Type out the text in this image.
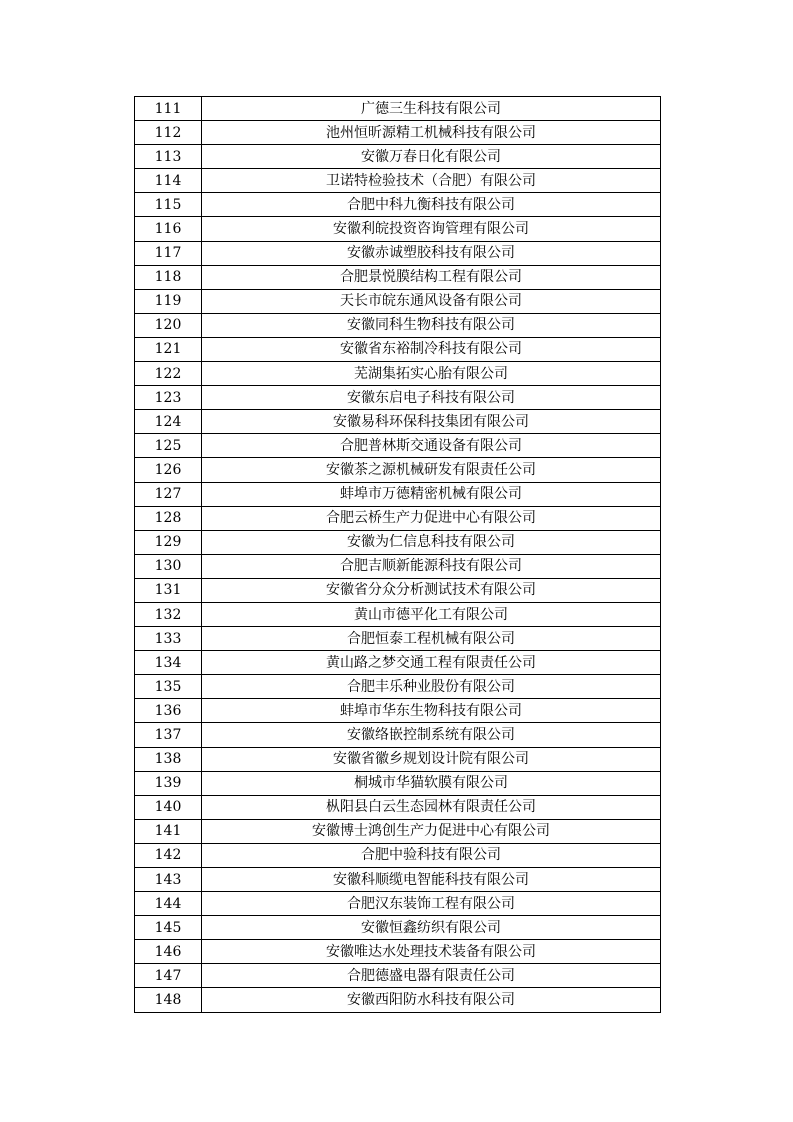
111	广德三生科技有限公司
112	池州恒昕源精工机械科技有限公司
113	安徽万春日化有限公司
114	卫诺特检验技术（合肥）有限公司
115	合肥中科九衡科技有限公司
116	安徽利皖投资咨询管理有限公司
117	安徽赤诚塑胶科技有限公司
118	合肥景悦膜结构工程有限公司
119	天长市皖东通风设备有限公司
120	安徽同科生物科技有限公司
121	安徽省东裕制冷科技有限公司
122	芜湖集拓实心胎有限公司
123	安徽东启电子科技有限公司
124	安徽易科环保科技集团有限公司
125	合肥普林斯交通设备有限公司
126	安徽茶之源机械研发有限责任公司
127	蚌埠市万德精密机械有限公司
128	合肥云桥生产力促进中心有限公司
129	安徽为仁信息科技有限公司
130	合肥吉顺新能源科技有限公司
131	安徽省分众分析测试技术有限公司
132	黄山市德平化工有限公司
133	合肥恒泰工程机械有限公司
134	黄山路之梦交通工程有限责任公司
135	合肥丰乐种业股份有限公司
136	蚌埠市华东生物科技有限公司
137	安徽络嵌控制系统有限公司
138	安徽省徽乡规划设计院有限公司
139	桐城市华猫软膜有限公司
140	枞阳县白云生态园林有限责任公司
141	安徽博士鸿创生产力促进中心有限公司
142	合肥中验科技有限公司
143	安徽科顺缆电智能科技有限公司
144	合肥汉东装饰工程有限公司
145	安徽恒鑫纺织有限公司
146	安徽唯达水处理技术装备有限公司
147	合肥德盛电器有限责任公司
148	安徽西阳防水科技有限公司
